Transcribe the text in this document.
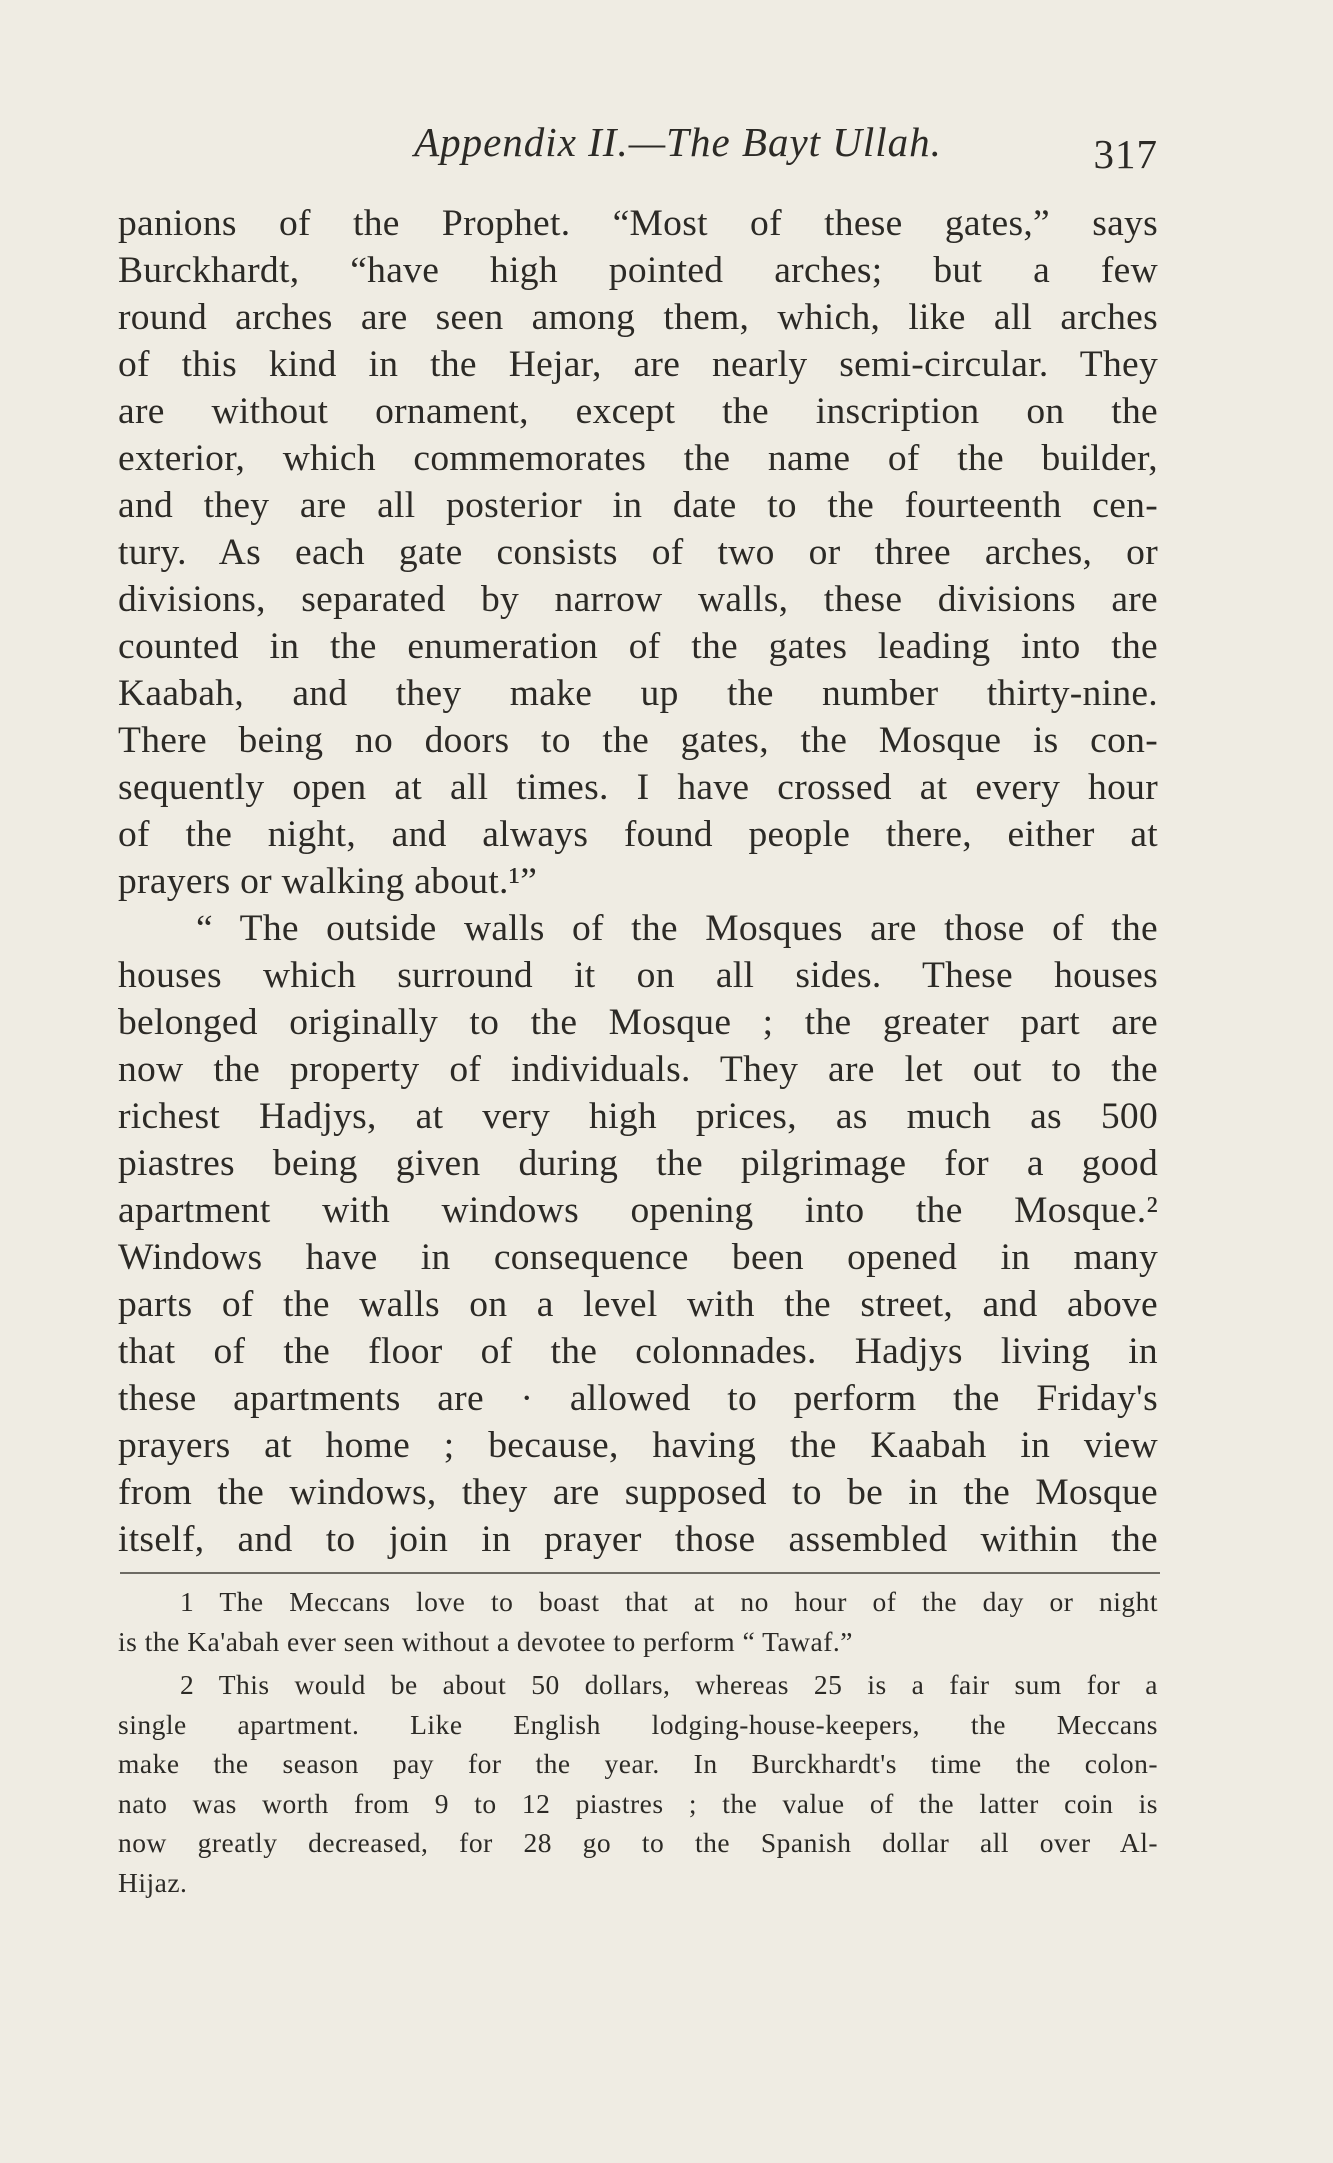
Appendix II.—The Bayt Ullah.	317
panions of the Prophet. “Most of these gates,” says
Burckhardt, “have high pointed arches; but a few
round arches are seen among them, which, like all arches
of this kind in the Hejar, are nearly semi-circular. They
are without ornament, except the inscription on the
exterior, which commemorates the name of the builder,
and they are all posterior in date to the fourteenth cen-
tury. As each gate consists of two or three arches, or
divisions, separated by narrow walls, these divisions are
counted in the enumeration of the gates leading into the
Kaabah, and they make up the number thirty-nine.
There being no doors to the gates, the Mosque is con-
sequently open at all times. I have crossed at every hour
of the night, and always found people there, either at
prayers or walking about.¹”
“ The outside walls of the Mosques are those of the
houses which surround it on all sides. These houses
belonged originally to the Mosque ; the greater part are
now the property of individuals. They are let out to the
richest Hadjys, at very high prices, as much as 500
piastres being given during the pilgrimage for a good
apartment with windows opening into the Mosque.²
Windows have in consequence been opened in many
parts of the walls on a level with the street, and above
that of the floor of the colonnades. Hadjys living in
these apartments are · allowed to perform the Friday's
prayers at home ; because, having the Kaabah in view
from the windows, they are supposed to be in the Mosque
itself, and to join in prayer those assembled within the
1 The Meccans love to boast that at no hour of the day or night
is the Ka'abah ever seen without a devotee to perform “ Tawaf.”
2 This would be about 50 dollars, whereas 25 is a fair sum for a
single apartment. Like English lodging-house-keepers, the Meccans
make the season pay for the year. In Burckhardt's time the colon-
nato was worth from 9 to 12 piastres ; the value of the latter coin is
now greatly decreased, for 28 go to the Spanish dollar all over Al-
Hijaz.
